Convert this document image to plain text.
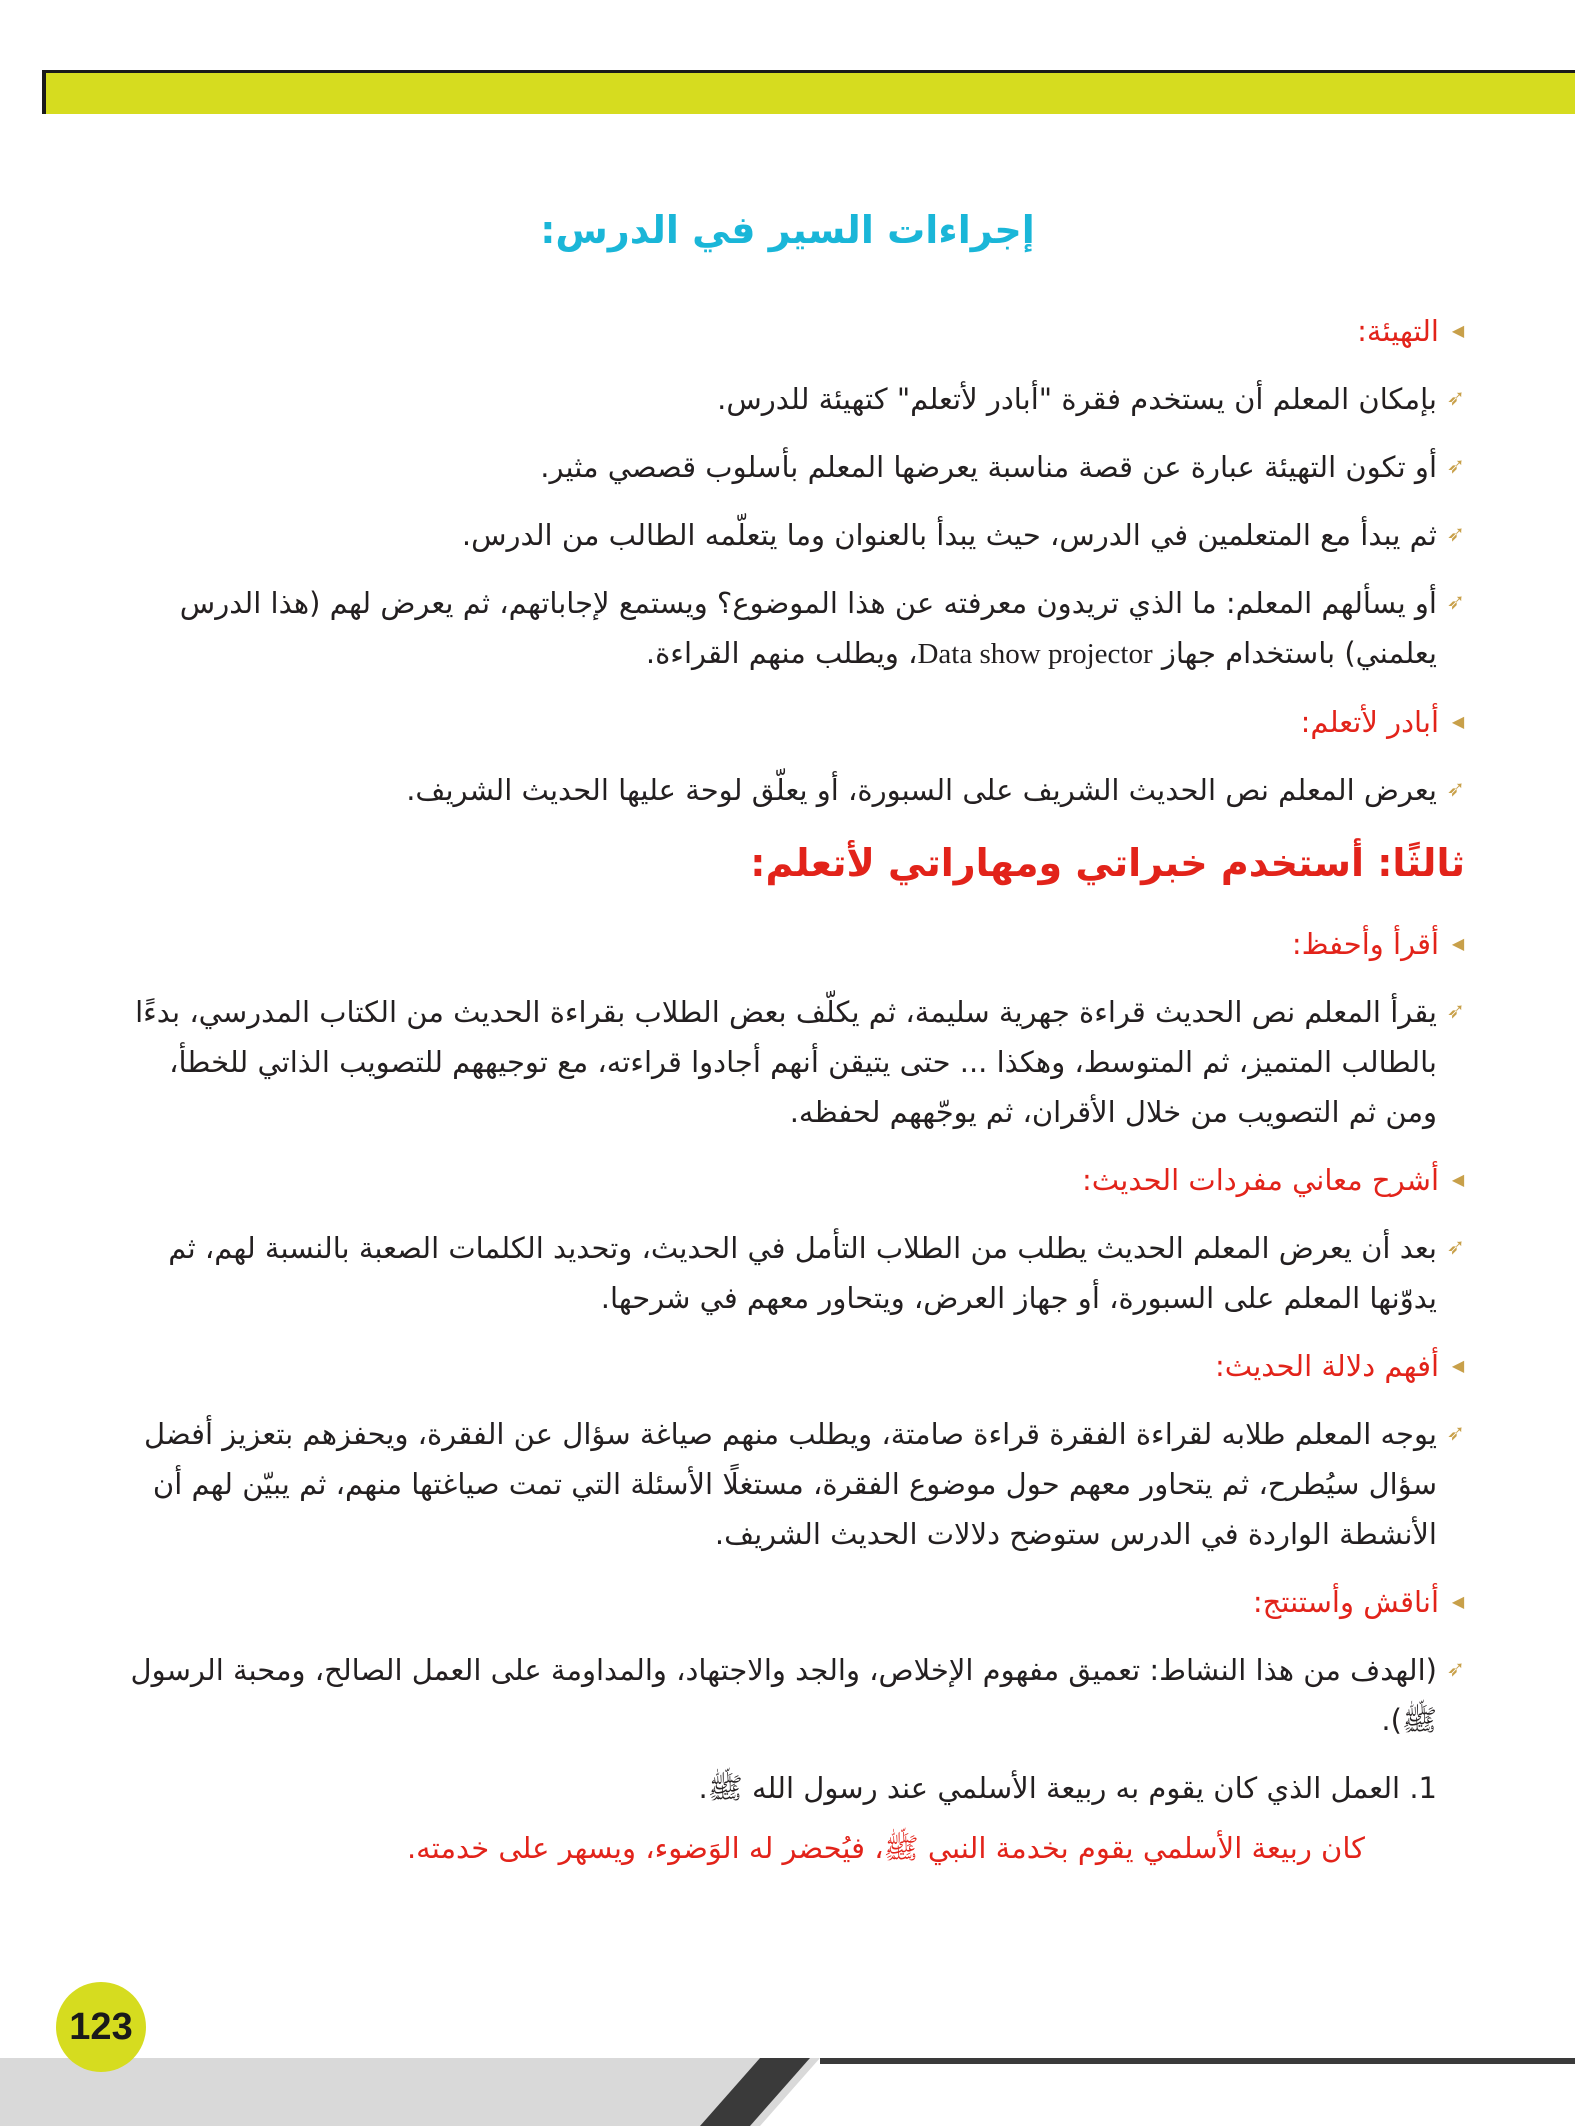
إجراءات السير في الدرس:
◀
التهيئة:

➶
بإمكان المعلم أن يستخدم فقرة "أبادر لأتعلم" كتهيئة للدرس.

➶
أو تكون التهيئة عبارة عن قصة مناسبة يعرضها المعلم بأسلوب قصصي مثير.

➶
ثم يبدأ مع المتعلمين في الدرس، حيث يبدأ بالعنوان وما يتعلّمه الطالب من الدرس.

➶
أو يسألهم المعلم: ما الذي تريدون معرفته عن هذا الموضوع؟ ويستمع لإجاباتهم، ثم يعرض لهم (هذا الدرس يعلمني) باستخدام جهاز Data show projector، ويطلب منهم القراءة.

◀
أبادر لأتعلم:

➶
يعرض المعلم نص الحديث الشريف على السبورة، أو يعلّق لوحة عليها الحديث الشريف.

ثالثًا: أستخدم خبراتي ومهاراتي لأتعلم:
◀
أقرأ وأحفظ:

➶
يقرأ المعلم نص الحديث قراءة جهرية سليمة، ثم يكلّف بعض الطلاب بقراءة الحديث من الكتاب المدرسي، بدءًا بالطالب المتميز، ثم المتوسط، وهكذا ... حتى يتيقن أنهم أجادوا قراءته، مع توجيههم للتصويب الذاتي للخطأ، ومن ثم التصويب من خلال الأقران، ثم يوجّههم لحفظه.

◀
أشرح معاني مفردات الحديث:

➶
بعد أن يعرض المعلم الحديث يطلب من الطلاب التأمل في الحديث، وتحديد الكلمات الصعبة بالنسبة لهم، ثم يدوّنها المعلم على السبورة، أو جهاز العرض، ويتحاور معهم في شرحها.

◀
أفهم دلالة الحديث:

➶
يوجه المعلم طلابه لقراءة الفقرة قراءة صامتة، ويطلب منهم صياغة سؤال عن الفقرة، ويحفزهم بتعزيز أفضل سؤال سيُطرح، ثم يتحاور معهم حول موضوع الفقرة، مستغلًا الأسئلة التي تمت صياغتها منهم، ثم يبيّن لهم أن الأنشطة الواردة في الدرس ستوضح دلالات الحديث الشريف.

◀
أناقش وأستنتج:

➶
(الهدف من هذا النشاط: تعميق مفهوم الإخلاص، والجد والاجتهاد، والمداومة على العمل الصالح، ومحبة الرسول ﷺ).

1. العمل الذي كان يقوم به ربيعة الأسلمي عند رسول الله ﷺ.

كان ربيعة الأسلمي يقوم بخدمة النبي ﷺ، فيُحضر له الوَضوء، ويسهر على خدمته.

123
